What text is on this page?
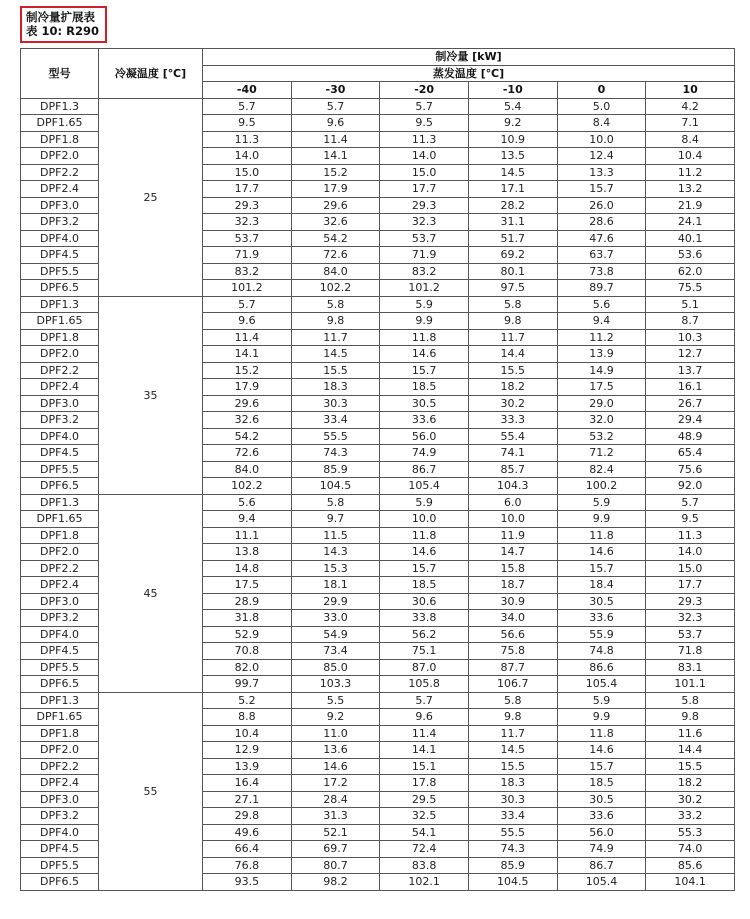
制冷量扩展表
表 10: R290
型号	冷凝温度 [℃]	制冷量 [kW]					
		蒸发温度 [℃]					
		-40	-30	-20	-10	0	10
DPF1.3	25	5.7	5.7	5.7	5.4	5.0	4.2
DPF1.65		9.5	9.6	9.5	9.2	8.4	7.1
DPF1.8		11.3	11.4	11.3	10.9	10.0	8.4
DPF2.0		14.0	14.1	14.0	13.5	12.4	10.4
DPF2.2		15.0	15.2	15.0	14.5	13.3	11.2
DPF2.4		17.7	17.9	17.7	17.1	15.7	13.2
DPF3.0		29.3	29.6	29.3	28.2	26.0	21.9
DPF3.2		32.3	32.6	32.3	31.1	28.6	24.1
DPF4.0		53.7	54.2	53.7	51.7	47.6	40.1
DPF4.5		71.9	72.6	71.9	69.2	63.7	53.6
DPF5.5		83.2	84.0	83.2	80.1	73.8	62.0
DPF6.5		101.2	102.2	101.2	97.5	89.7	75.5
DPF1.3	35	5.7	5.8	5.9	5.8	5.6	5.1
DPF1.65		9.6	9.8	9.9	9.8	9.4	8.7
DPF1.8		11.4	11.7	11.8	11.7	11.2	10.3
DPF2.0		14.1	14.5	14.6	14.4	13.9	12.7
DPF2.2		15.2	15.5	15.7	15.5	14.9	13.7
DPF2.4		17.9	18.3	18.5	18.2	17.5	16.1
DPF3.0		29.6	30.3	30.5	30.2	29.0	26.7
DPF3.2		32.6	33.4	33.6	33.3	32.0	29.4
DPF4.0		54.2	55.5	56.0	55.4	53.2	48.9
DPF4.5		72.6	74.3	74.9	74.1	71.2	65.4
DPF5.5		84.0	85.9	86.7	85.7	82.4	75.6
DPF6.5		102.2	104.5	105.4	104.3	100.2	92.0
DPF1.3	45	5.6	5.8	5.9	6.0	5.9	5.7
DPF1.65		9.4	9.7	10.0	10.0	9.9	9.5
DPF1.8		11.1	11.5	11.8	11.9	11.8	11.3
DPF2.0		13.8	14.3	14.6	14.7	14.6	14.0
DPF2.2		14.8	15.3	15.7	15.8	15.7	15.0
DPF2.4		17.5	18.1	18.5	18.7	18.4	17.7
DPF3.0		28.9	29.9	30.6	30.9	30.5	29.3
DPF3.2		31.8	33.0	33.8	34.0	33.6	32.3
DPF4.0		52.9	54.9	56.2	56.6	55.9	53.7
DPF4.5		70.8	73.4	75.1	75.8	74.8	71.8
DPF5.5		82.0	85.0	87.0	87.7	86.6	83.1
DPF6.5		99.7	103.3	105.8	106.7	105.4	101.1
DPF1.3	55	5.2	5.5	5.7	5.8	5.9	5.8
DPF1.65		8.8	9.2	9.6	9.8	9.9	9.8
DPF1.8		10.4	11.0	11.4	11.7	11.8	11.6
DPF2.0		12.9	13.6	14.1	14.5	14.6	14.4
DPF2.2		13.9	14.6	15.1	15.5	15.7	15.5
DPF2.4		16.4	17.2	17.8	18.3	18.5	18.2
DPF3.0		27.1	28.4	29.5	30.3	30.5	30.2
DPF3.2		29.8	31.3	32.5	33.4	33.6	33.2
DPF4.0		49.6	52.1	54.1	55.5	56.0	55.3
DPF4.5		66.4	69.7	72.4	74.3	74.9	74.0
DPF5.5		76.8	80.7	83.8	85.9	86.7	85.6
DPF6.5		93.5	98.2	102.1	104.5	105.4	104.1
